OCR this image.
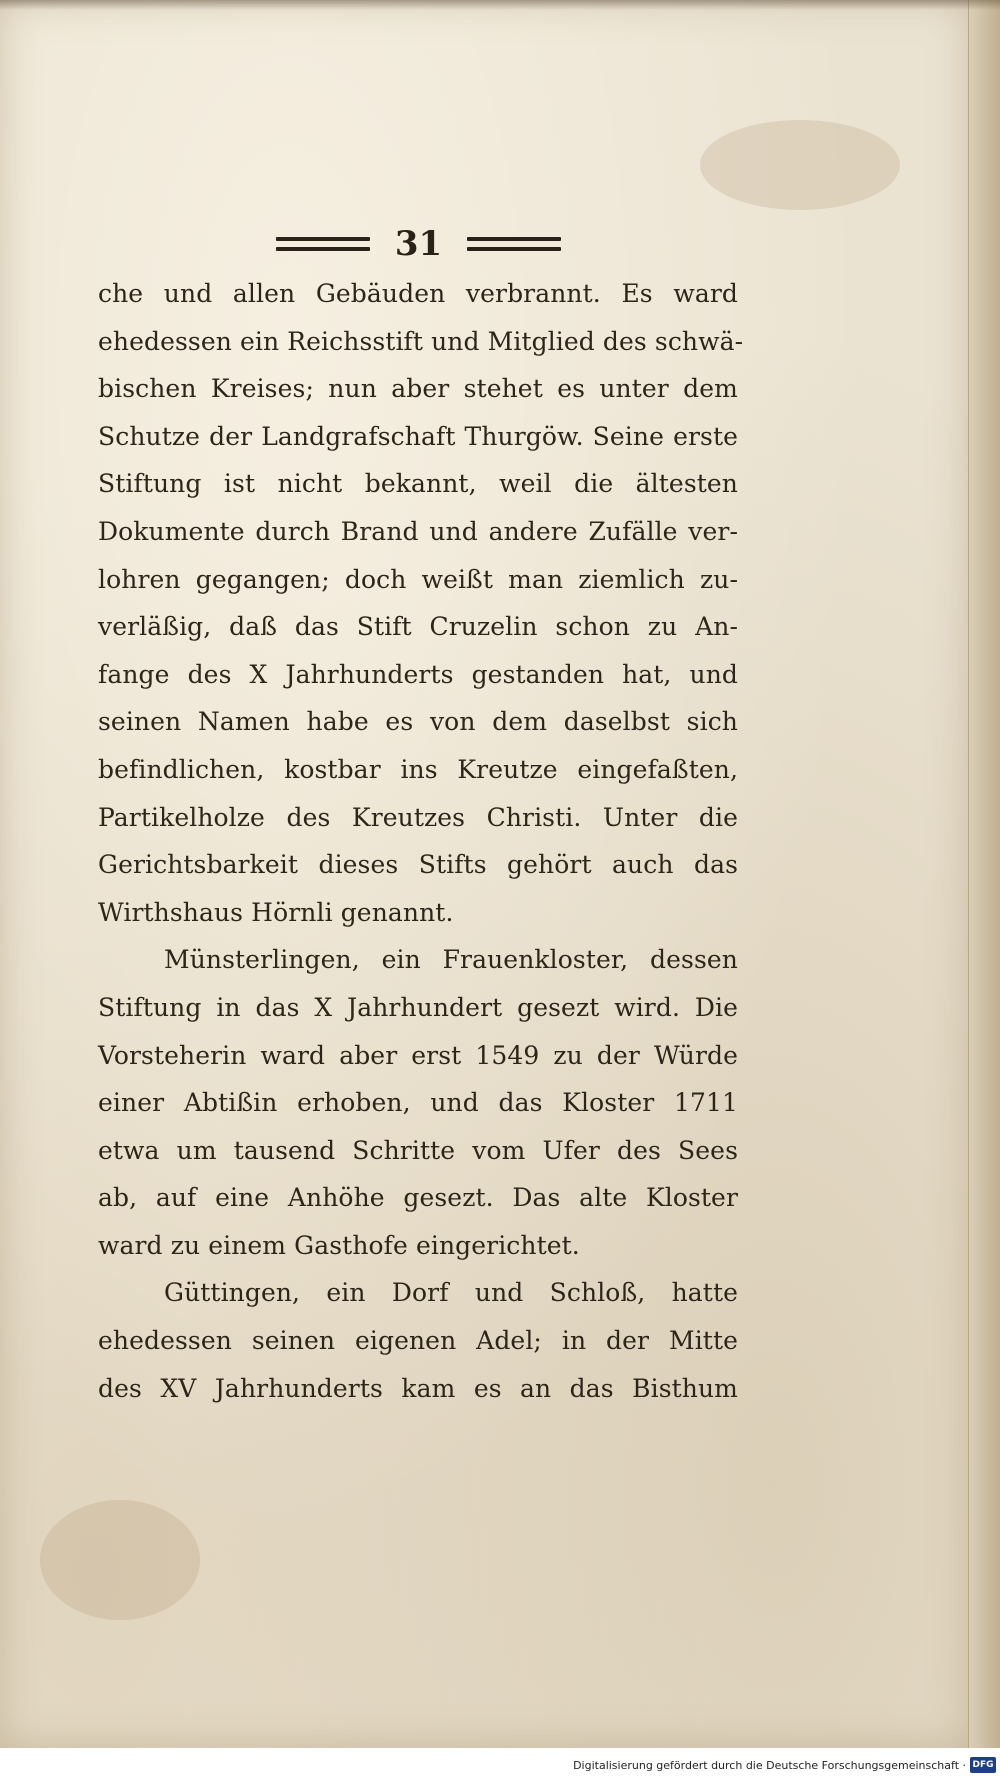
31
che und allen Gebäuden verbrannt. Es ward
ehedessen ein Reichsstift und Mitglied des schwä-
bischen Kreises; nun aber stehet es unter dem
Schutze der Landgrafschaft Thurgöw. Seine erste
Stiftung ist nicht bekannt, weil die ältesten
Dokumente durch Brand und andere Zufälle ver-
lohren gegangen; doch weißt man ziemlich zu-
verläßig, daß das Stift Cruzelin schon zu An-
fange des X Jahrhunderts gestanden hat, und
seinen Namen habe es von dem daselbst sich
befindlichen, kostbar ins Kreutze eingefaßten,
Partikelholze des Kreutzes Christi. Unter die
Gerichtsbarkeit dieses Stifts gehört auch das
Wirthshaus Hörnli genannt.
Münsterlingen, ein Frauenkloster, dessen
Stiftung in das X Jahrhundert gesezt wird. Die
Vorsteherin ward aber erst 1549 zu der Würde
einer Abtißin erhoben, und das Kloster 1711
etwa um tausend Schritte vom Ufer des Sees
ab, auf eine Anhöhe gesezt. Das alte Kloster
ward zu einem Gasthofe eingerichtet.
Güttingen, ein Dorf und Schloß, hatte
ehedessen seinen eigenen Adel; in der Mitte
des XV Jahrhunderts kam es an das Bisthum
Digitalisierung gefördert durch die Deutsche Forschungsgemeinschaft · DFG
